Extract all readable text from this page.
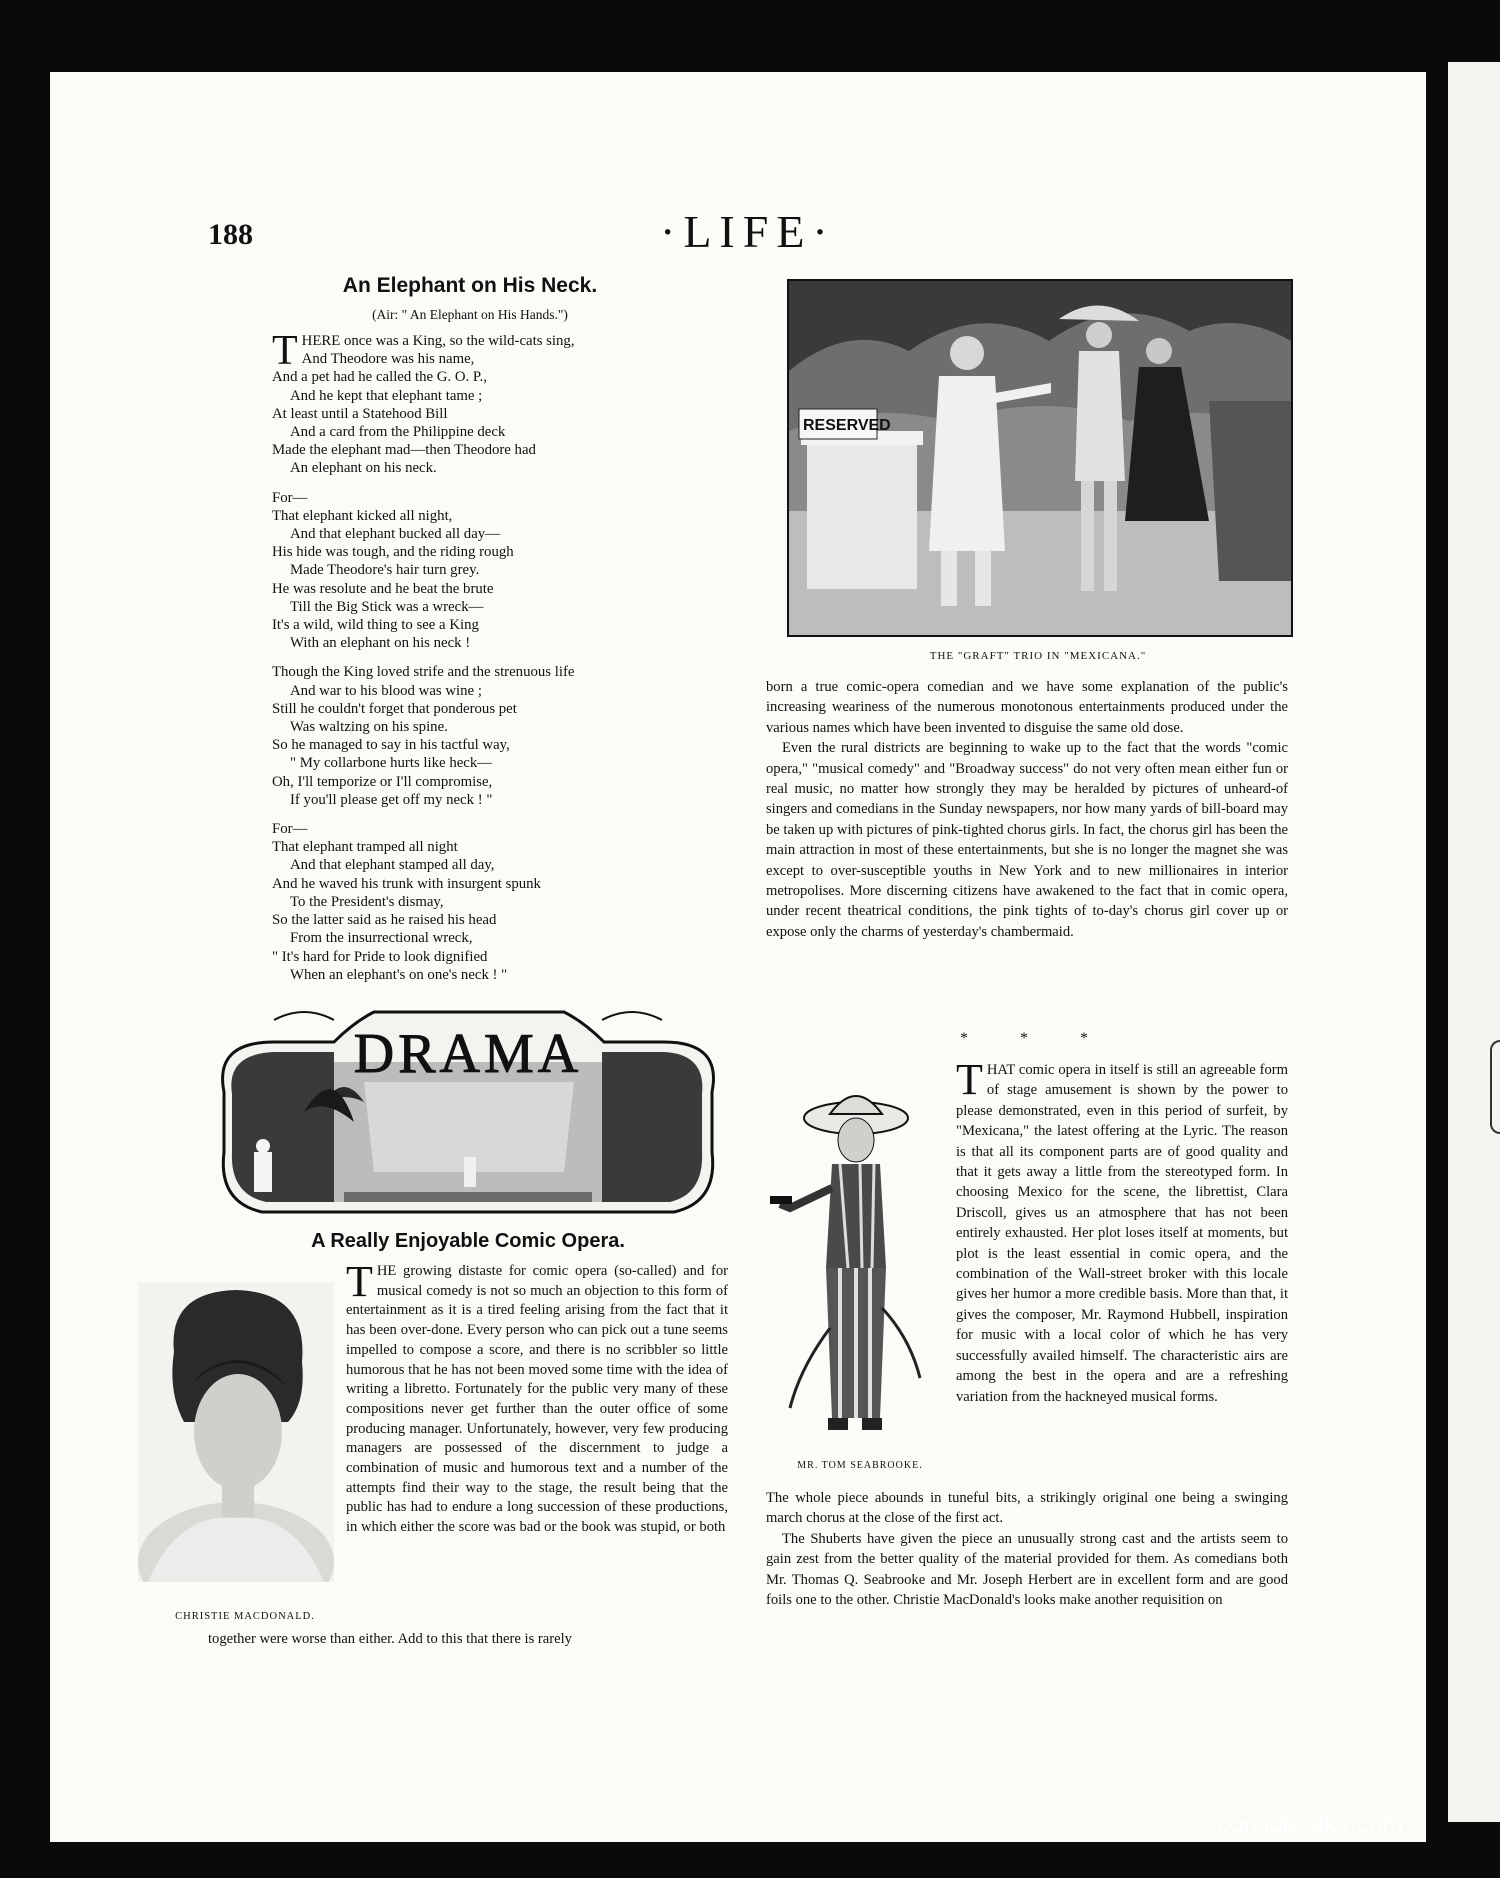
188	·LIFE·
An Elephant on His Neck.
(Air: " An Elephant on His Hands.")
T HERE once was a King, so the wild-cats sing,
And Theodore was his name,
And a pet had he called the G. O. P.,
And he kept that elephant tame ;
At least until a Statehood Bill
And a card from the Philippine deck
Made the elephant mad—then Theodore had
An elephant on his neck.
For—
That elephant kicked all night,
And that elephant bucked all day—
His hide was tough, and the riding rough
Made Theodore's hair turn grey.
He was resolute and he beat the brute
Till the Big Stick was a wreck—
It's a wild, wild thing to see a King
With an elephant on his neck !
Though the King loved strife and the strenuous life
And war to his blood was wine ;
Still he couldn't forget that ponderous pet
Was waltzing on his spine.
So he managed to say in his tactful way,
" My collarbone hurts like heck—
Oh, I'll temporize or I'll compromise,
If you'll please get off my neck ! "
For—
That elephant tramped all night
And that elephant stamped all day,
And he waved his trunk with insurgent spunk
To the President's dismay,
So the latter said as he raised his head
From the insurrectional wreck,
" It's hard for Pride to look dignified
When an elephant's on one's neck ! "
RESERVED
THE "GRAFT" TRIO IN "MEXICANA."
DRAMA
A Really Enjoyable Comic Opera.
CHRISTIE MACDONALD.
THE growing distaste for comic opera (so-called) and for musical comedy is not so much an objection to this form of entertainment as it is a tired feeling arising from the fact that it has been over-done. Every person who can pick out a tune seems impelled to compose a score, and there is no scribbler so little humorous that he has not been moved some time with the idea of writing a libretto. Fortunately for the public very many of these compositions never get further than the outer office of some producing manager. Unfortunately, however, very few producing managers are possessed of the discernment to judge a combination of music and humorous text and a number of the attempts find their way to the stage, the result being that the public has had to endure a long succession of these productions, in which either the score was bad or the book was stupid, or both
together were worse than either. Add to this that there is rarely

born a true comic-opera comedian and we have some explanation of the public's increasing weariness of the numerous monotonous entertainments produced under the various names which have been invented to disguise the same old dose.

Even the rural districts are beginning to wake up to the fact that the words "comic opera," "musical comedy" and "Broadway success" do not very often mean either fun or real music, no matter how strongly they may be heralded by pictures of unheard-of singers and comedians in the Sunday newspapers, nor how many yards of bill-board may be taken up with pictures of pink-tighted chorus girls. In fact, the chorus girl has been the main attraction in most of these entertainments, but she is no longer the magnet she was except to over-susceptible youths in New York and to new millionaires in interior metropolises. More discerning citizens have awakened to the fact that in comic opera, under recent theatrical conditions, the pink tights of to-day's chorus girl cover up or expose only the charms of yesterday's chambermaid.

* * *
MR. TOM SEABROOKE.

THAT comic opera in itself is still an agreeable form of stage amusement is shown by the power to please demonstrated, even in this period of surfeit, by "Mexicana," the latest offering at the Lyric. The reason is that all its component parts are of good quality and that it gets away a little from the stereotyped form. In choosing Mexico for the scene, the librettist, Clara Driscoll, gives us an atmosphere that has not been entirely exhausted. Her plot loses itself at moments, but plot is the least essential in comic opera, and the combination of the Wall-street broker with this locale gives her humor a more credible basis. More than that, it gives the composer, Mr. Raymond Hubbell, inspiration for music with a local color of which he has very successfully availed himself. The characteristic airs are among the best in the opera and are a refreshing variation from the hackneyed musical forms.

The whole piece abounds in tuneful bits, a strikingly original one being a swinging march chorus at the close of the first act.

The Shuberts have given the piece an unusually strong cast and the artists seem to gain zest from the better quality of the material provided for them. As comedians both Mr. Thomas Q. Seabrooke and Mr. Joseph Herbert are in excellent form and are good foils one to the other. Christie MacDonald's looks make another requisition on

comicbooks.com
